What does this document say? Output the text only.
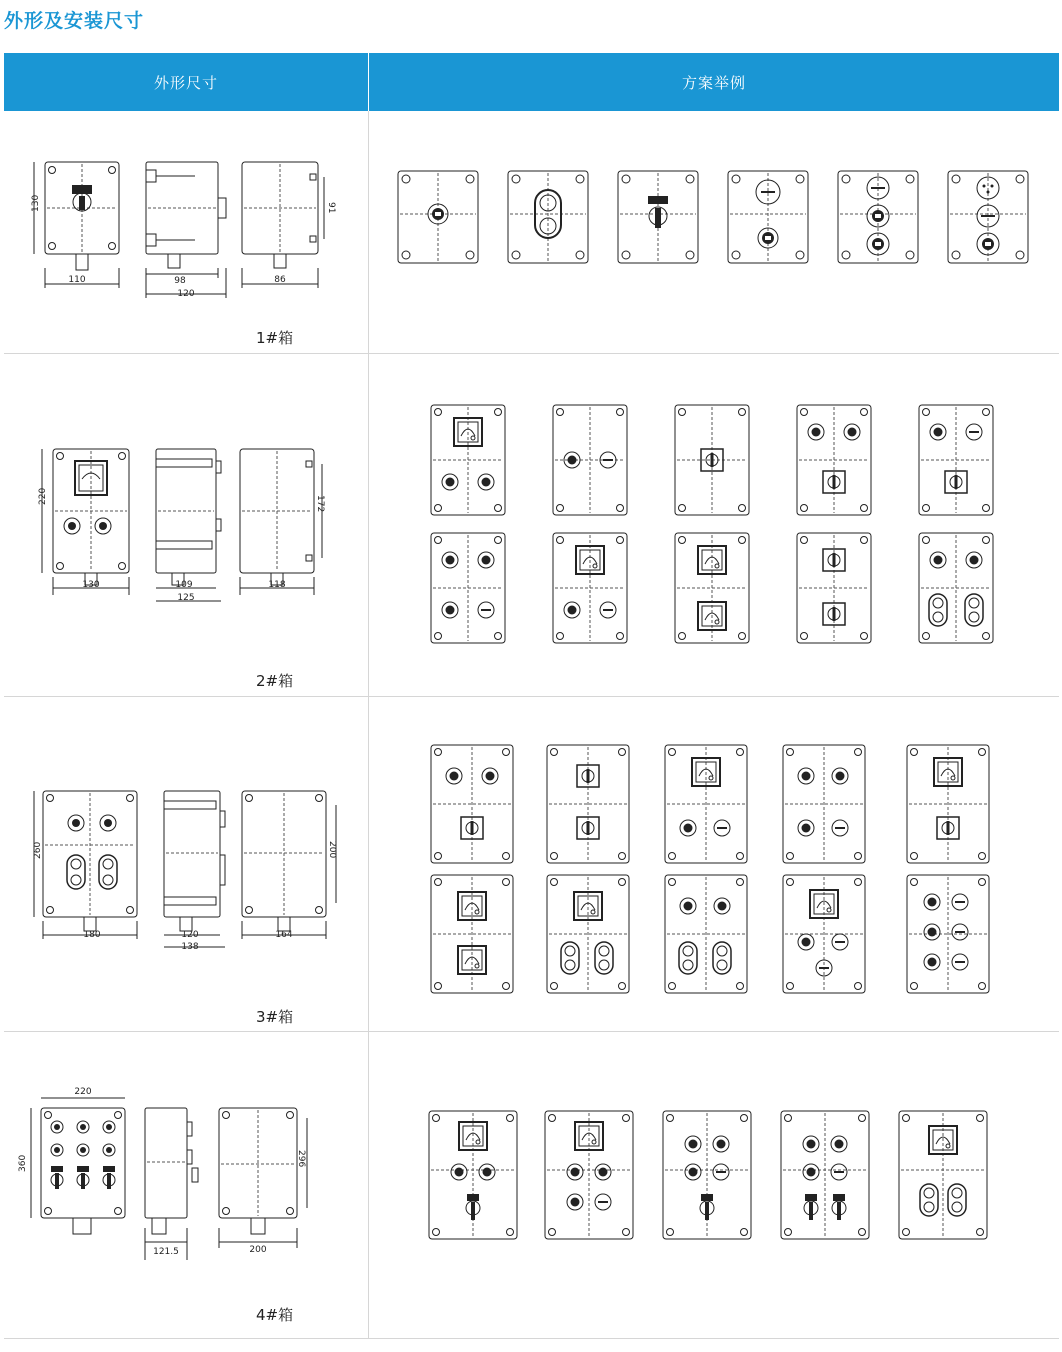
外形及安装尺寸
外形尺寸	方案举例
1#箱
2#箱
3#箱
4#箱
110
130
98
120
86
91
130
220
109
125
118
172
180
260
120
138
164
200
220
360
121.5	200
296
